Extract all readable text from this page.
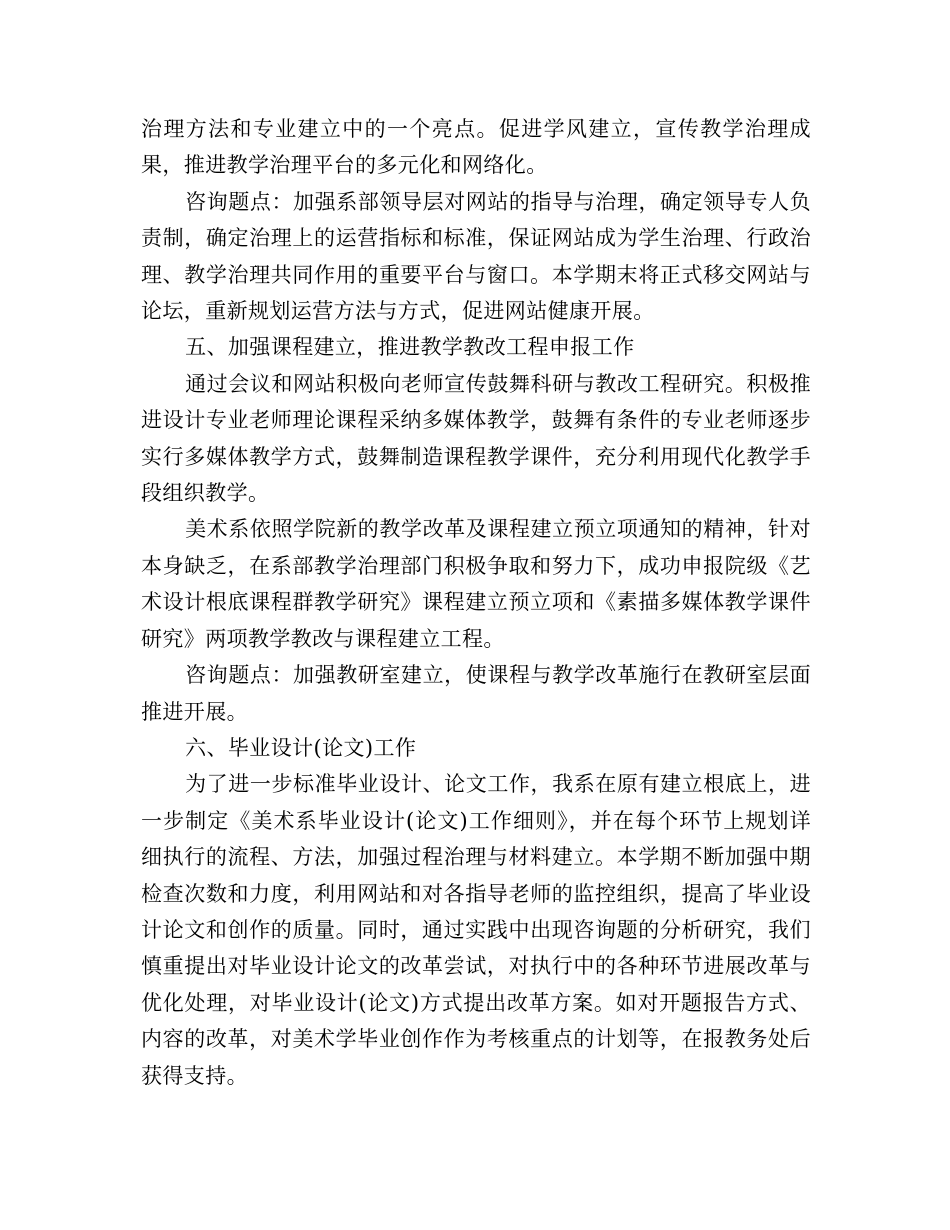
治理方法和专业建立中的一个亮点。促进学风建立，宣传教学治理成果，推进教学治理平台的多元化和网络化。

咨询题点：加强系部领导层对网站的指导与治理，确定领导专人负责制，确定治理上的运营指标和标准，保证网站成为学生治理、行政治理、教学治理共同作用的重要平台与窗口。本学期末将正式移交网站与论坛，重新规划运营方法与方式，促进网站健康开展。

五、加强课程建立，推进教学教改工程申报工作

通过会议和网站积极向老师宣传鼓舞科研与教改工程研究。积极推进设计专业老师理论课程采纳多媒体教学，鼓舞有条件的专业老师逐步实行多媒体教学方式，鼓舞制造课程教学课件，充分利用现代化教学手段组织教学。

美术系依照学院新的教学改革及课程建立预立项通知的精神，针对本身缺乏，在系部教学治理部门积极争取和努力下，成功申报院级《艺术设计根底课程群教学研究》课程建立预立项和《素描多媒体教学课件研究》两项教学教改与课程建立工程。

咨询题点：加强教研室建立，使课程与教学改革施行在教研室层面推进开展。

六、毕业设计(论文)工作

为了进一步标准毕业设计、论文工作，我系在原有建立根底上，进一步制定《美术系毕业设计(论文)工作细则》，并在每个环节上规划详细执行的流程、方法，加强过程治理与材料建立。本学期不断加强中期检查次数和力度，利用网站和对各指导老师的监控组织，提高了毕业设计论文和创作的质量。同时，通过实践中出现咨询题的分析研究，我们慎重提出对毕业设计论文的改革尝试，对执行中的各种环节进展改革与优化处理，对毕业设计(论文)方式提出改革方案。如对开题报告方式、内容的改革，对美术学毕业创作作为考核重点的计划等，在报教务处后获得支持。
